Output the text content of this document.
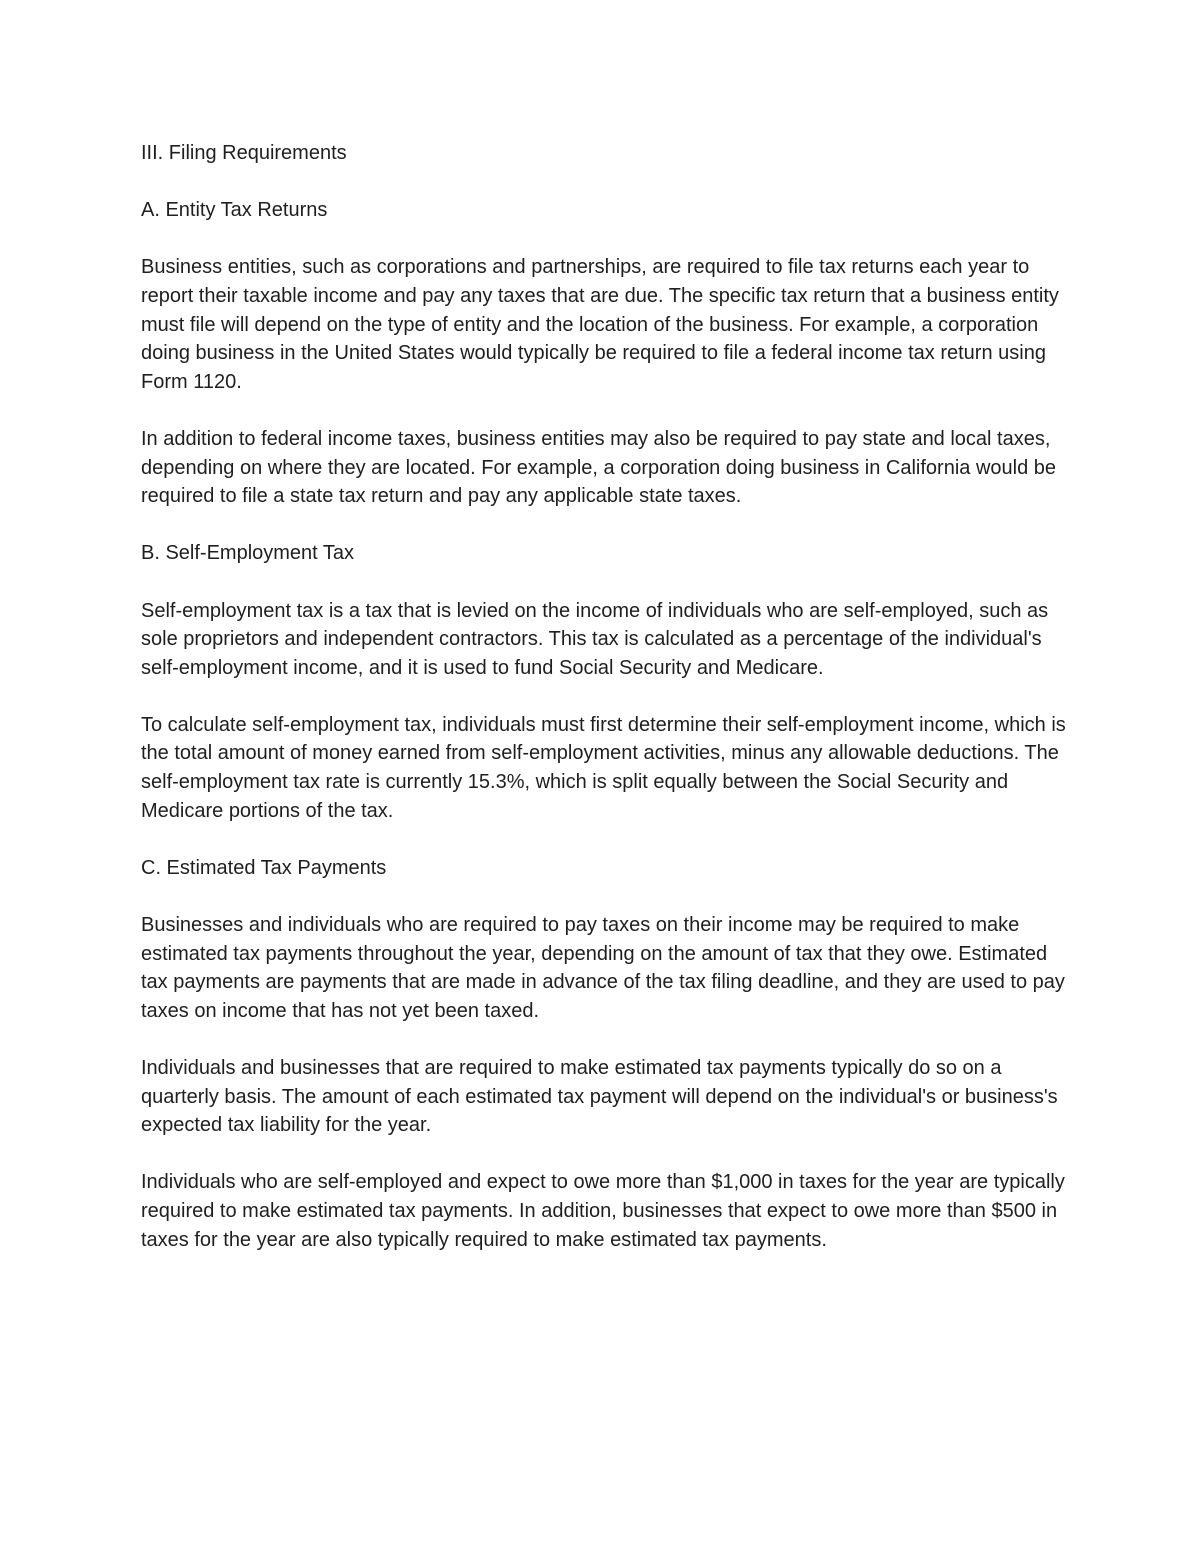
III. Filing Requirements

A. Entity Tax Returns

Business entities, such as corporations and partnerships, are required to file tax returns each year to report their taxable income and pay any taxes that are due. The specific tax return that a business entity must file will depend on the type of entity and the location of the business. For example, a corporation doing business in the United States would typically be required to file a federal income tax return using Form 1120.

In addition to federal income taxes, business entities may also be required to pay state and local taxes, depending on where they are located. For example, a corporation doing business in California would be required to file a state tax return and pay any applicable state taxes.

B. Self-Employment Tax

Self-employment tax is a tax that is levied on the income of individuals who are self-employed, such as sole proprietors and independent contractors. This tax is calculated as a percentage of the individual's self-employment income, and it is used to fund Social Security and Medicare.

To calculate self-employment tax, individuals must first determine their self-employment income, which is the total amount of money earned from self-employment activities, minus any allowable deductions. The self-employment tax rate is currently 15.3%, which is split equally between the Social Security and Medicare portions of the tax.

C. Estimated Tax Payments

Businesses and individuals who are required to pay taxes on their income may be required to make estimated tax payments throughout the year, depending on the amount of tax that they owe. Estimated tax payments are payments that are made in advance of the tax filing deadline, and they are used to pay taxes on income that has not yet been taxed.

Individuals and businesses that are required to make estimated tax payments typically do so on a quarterly basis. The amount of each estimated tax payment will depend on the individual's or business's expected tax liability for the year.

Individuals who are self-employed and expect to owe more than $1,000 in taxes for the year are typically required to make estimated tax payments. In addition, businesses that expect to owe more than $500 in taxes for the year are also typically required to make estimated tax payments.
